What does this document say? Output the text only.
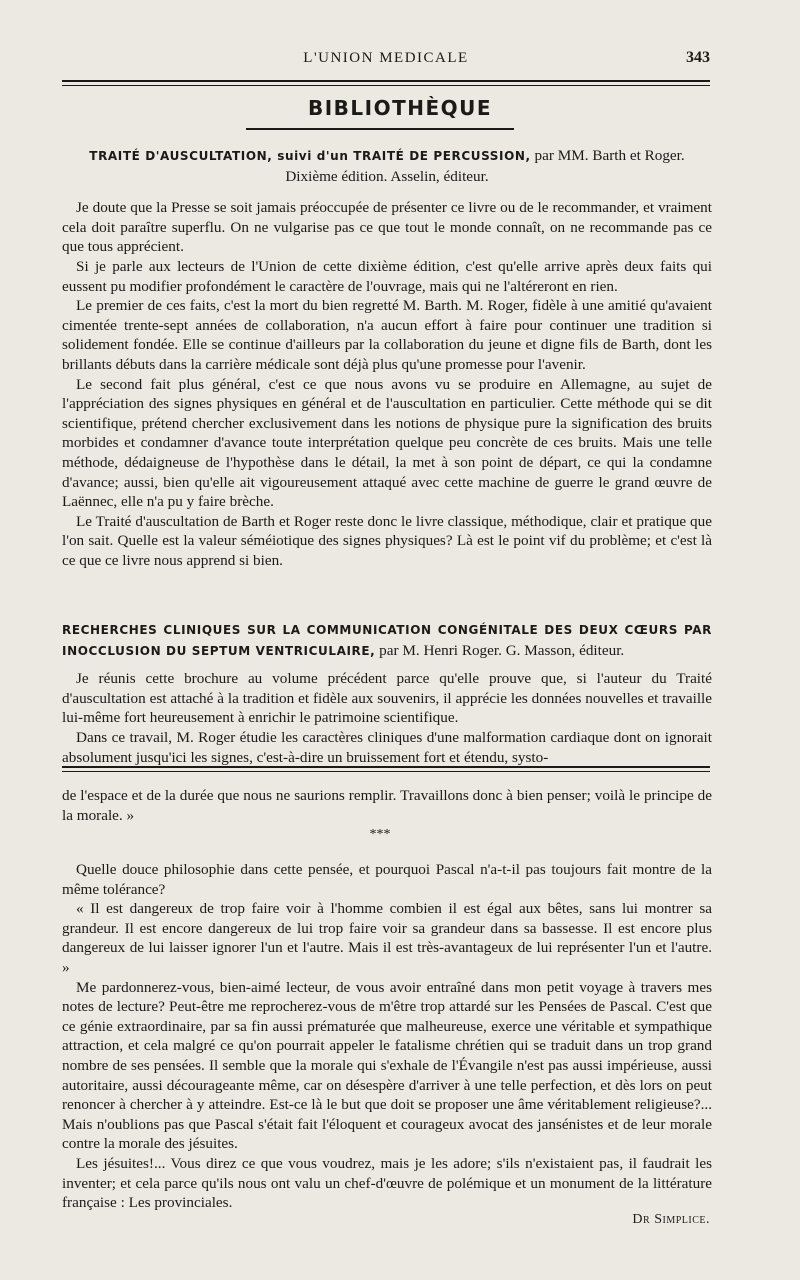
L'UNION MEDICALE	343
BIBLIOTHÈQUE

TRAITÉ D'AUSCULTATION, suivi d'un TRAITÉ DE PERCUSSION, par MM. Barth et Roger.

Dixième édition. Asselin, éditeur.

Je doute que la Presse se soit jamais préoccupée de présenter ce livre ou de le recommander, et vraiment cela doit paraître superflu. On ne vulgarise pas ce que tout le monde connaît, on ne recommande pas ce que tous apprécient.

Si je parle aux lecteurs de l'Union de cette dixième édition, c'est qu'elle arrive après deux faits qui eussent pu modifier profondément le caractère de l'ouvrage, mais qui ne l'altéreront en rien.

Le premier de ces faits, c'est la mort du bien regretté M. Barth. M. Roger, fidèle à une amitié qu'avaient cimentée trente-sept années de collaboration, n'a aucun effort à faire pour continuer une tradition si solidement fondée. Elle se continue d'ailleurs par la collaboration du jeune et digne fils de Barth, dont les brillants débuts dans la carrière médicale sont déjà plus qu'une promesse pour l'avenir.

Le second fait plus général, c'est ce que nous avons vu se produire en Allemagne, au sujet de l'appréciation des signes physiques en général et de l'auscultation en particulier. Cette méthode qui se dit scientifique, prétend chercher exclusivement dans les notions de physique pure la signification des bruits morbides et condamner d'avance toute interprétation quelque peu concrète de ces bruits. Mais une telle méthode, dédaigneuse de l'hypothèse dans le détail, la met à son point de départ, ce qui la condamne d'avance; aussi, bien qu'elle ait vigoureusement attaqué avec cette machine de guerre le grand œuvre de Laënnec, elle n'a pu y faire brèche.

Le Traité d'auscultation de Barth et Roger reste donc le livre classique, méthodique, clair et pratique que l'on sait. Quelle est la valeur séméiotique des signes physiques? Là est le point vif du problème; et c'est là ce que ce livre nous apprend si bien.

RECHERCHES CLINIQUES SUR LA COMMUNICATION CONGÉNITALE DES DEUX CŒURS PAR INOCCLUSION DU SEPTUM VENTRICULAIRE, par M. Henri Roger. G. Masson, éditeur.

Je réunis cette brochure au volume précédent parce qu'elle prouve que, si l'auteur du Traité d'auscultation est attaché à la tradition et fidèle aux souvenirs, il apprécie les données nouvelles et travaille lui-même fort heureusement à enrichir le patrimoine scientifique.

Dans ce travail, M. Roger étudie les caractères cliniques d'une malformation cardiaque dont on ignorait absolument jusqu'ici les signes, c'est-à-dire un bruissement fort et étendu, systo-

de l'espace et de la durée que nous ne saurions remplir. Travaillons donc à bien penser; voilà le principe de la morale. »

***

Quelle douce philosophie dans cette pensée, et pourquoi Pascal n'a-t-il pas toujours fait montre de la même tolérance?

« Il est dangereux de trop faire voir à l'homme combien il est égal aux bêtes, sans lui montrer sa grandeur. Il est encore dangereux de lui trop faire voir sa grandeur dans sa bassesse. Il est encore plus dangereux de lui laisser ignorer l'un et l'autre. Mais il est très-avantageux de lui représenter l'un et l'autre. »

Me pardonnerez-vous, bien-aimé lecteur, de vous avoir entraîné dans mon petit voyage à travers mes notes de lecture? Peut-être me reprocherez-vous de m'être trop attardé sur les Pensées de Pascal. C'est que ce génie extraordinaire, par sa fin aussi prématurée que malheureuse, exerce une véritable et sympathique attraction, et cela malgré ce qu'on pourrait appeler le fatalisme chrétien qui se traduit dans un trop grand nombre de ses pensées. Il semble que la morale qui s'exhale de l'Évangile n'est pas aussi impérieuse, aussi autoritaire, aussi décourageante même, car on désespère d'arriver à une telle perfection, et dès lors on peut renoncer à chercher à y atteindre. Est-ce là le but que doit se proposer une âme véritablement religieuse?... Mais n'oublions pas que Pascal s'était fait l'éloquent et courageux avocat des jansénistes et de leur morale contre la morale des jésuites.

Les jésuites!... Vous direz ce que vous voudrez, mais je les adore; s'ils n'existaient pas, il faudrait les inventer; et cela parce qu'ils nous ont valu un chef-d'œuvre de polémique et un monument de la littérature française : Les provinciales.

Dr Simplice.
